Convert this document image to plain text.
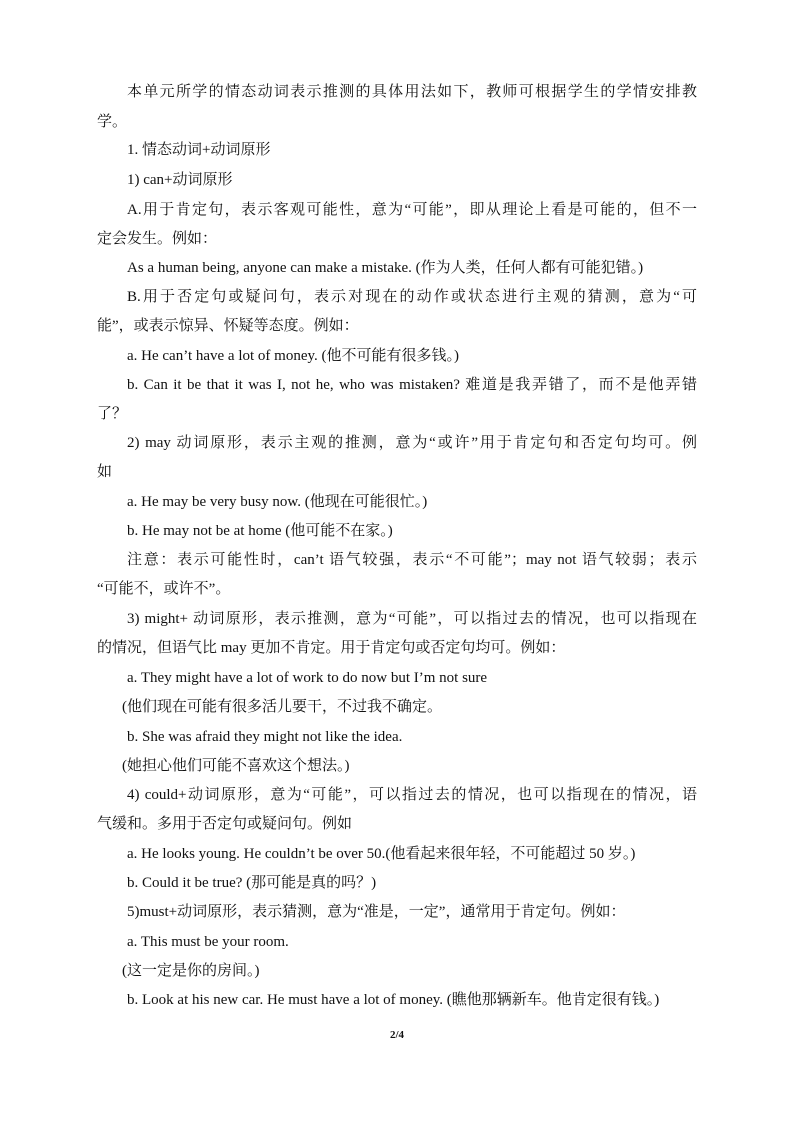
本单元所学的情态动词表示推测的具体用法如下，教师可根据学生的学情安排教
学。
1. 情态动词+动词原形
1) can+动词原形
A.用于肯定句，表示客观可能性，意为“可能”，即从理论上看是可能的，但不一
定会发生。例如：
As a human being, anyone can make a mistake. (作为人类，任何人都有可能犯错。)
B.用于否定句或疑问句，表示对现在的动作或状态进行主观的猜测，意为“可
能”，或表示惊异、怀疑等态度。例如：
a. He can’t have a lot of money. (他不可能有很多钱。)
b. Can it be that it was I, not he, who was mistaken? 难道是我弄错了，而不是他弄错
了？
2) may 动词原形，表示主观的推测，意为“或许”用于肯定句和否定句均可。例
如
a. He may be very busy now. (他现在可能很忙。)
b. He may not be at home (他可能不在家。)
注意：表示可能性时，can’t 语气较强，表示“不可能”；may not 语气较弱；表示
“可能不，或许不”。
3) might+ 动词原形，表示推测，意为“可能”，可以指过去的情况，也可以指现在
的情况，但语气比 may 更加不肯定。用于肯定句或否定句均可。例如：
a. They might have a lot of work to do now but I’m not sure
(他们现在可能有很多活儿要干，不过我不确定。
b. She was afraid they might not like the idea.
(她担心他们可能不喜欢这个想法。)
4) could+动词原形，意为“可能”，可以指过去的情况，也可以指现在的情况，语
气缓和。多用于否定句或疑问句。例如
a. He looks young. He couldn’t be over 50.(他看起来很年轻，不可能超过 50 岁。)
b. Could it be true? (那可能是真的吗？)
5)must+动词原形，表示猜测，意为“准是，一定”，通常用于肯定句。例如：
a. This must be your room.
(这一定是你的房间。)
b. Look at his new car. He must have a lot of money. (瞧他那辆新车。他肯定很有钱。)
2/4
